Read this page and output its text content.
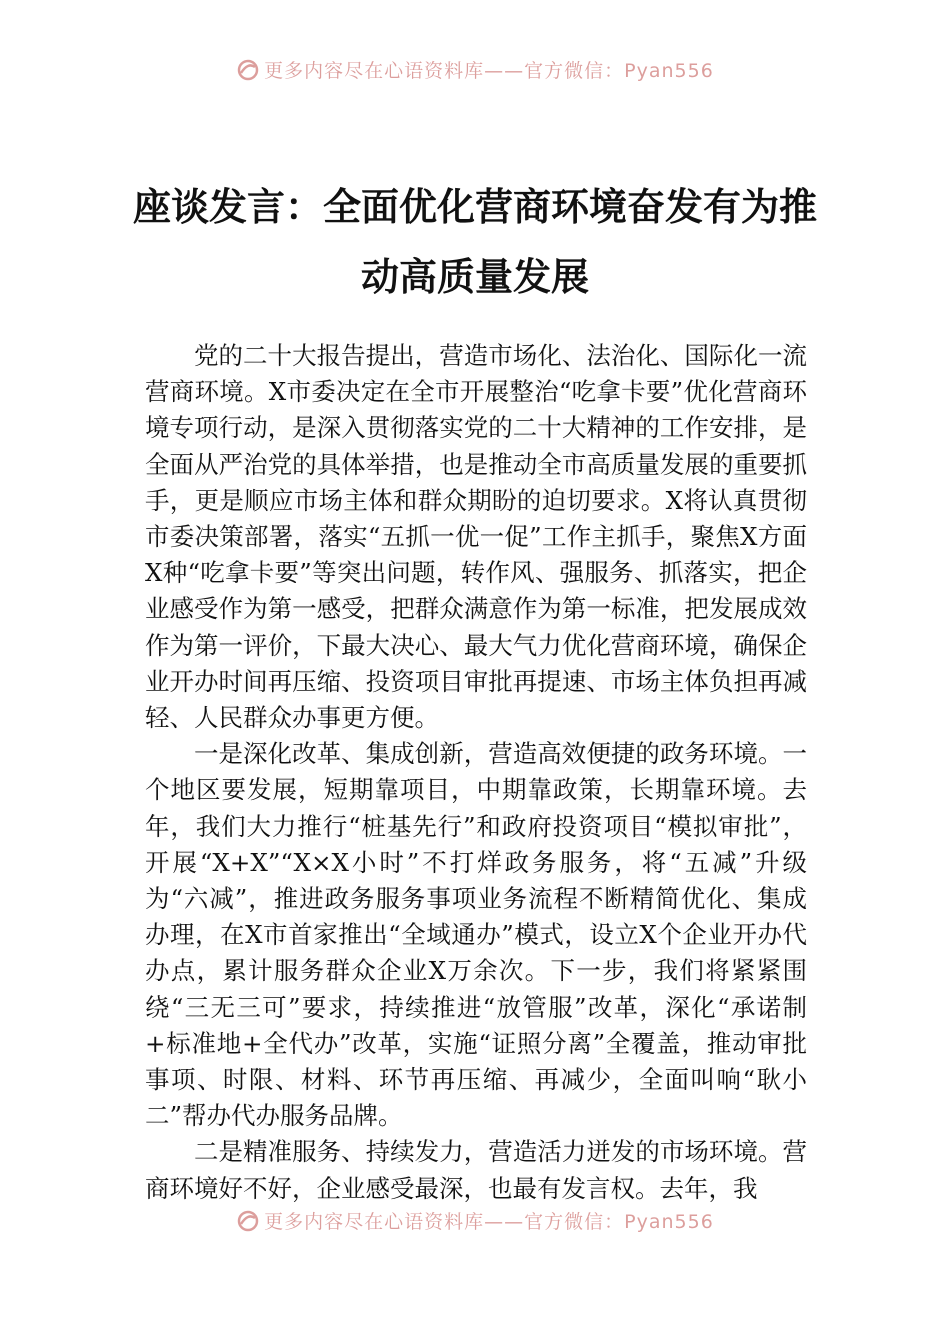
更多内容尽在心语资料库——官方微信：Pyan556
座谈发言：全面优化营商环境奋发有为推
动高质量发展

党的二十大报告提出，营造市场化、法治化、国际化一流营商环境。X市委决定在全市开展整治“吃拿卡要”优化营商环境专项行动，是深入贯彻落实党的二十大精神的工作安排，是全面从严治党的具体举措，也是推动全市高质量发展的重要抓手，更是顺应市场主体和群众期盼的迫切要求。X将认真贯彻市委决策部署，落实“五抓一优一促”工作主抓手，聚焦X方面X种“吃拿卡要”等突出问题，转作风、强服务、抓落实，把企业感受作为第一感受，把群众满意作为第一标准，把发展成效作为第一评价，下最大决心、最大气力优化营商环境，确保企业开办时间再压缩、投资项目审批再提速、市场主体负担再减轻、人民群众办事更方便。

一是深化改革、集成创新，营造高效便捷的政务环境。一个地区要发展，短期靠项目，中期靠政策，长期靠环境。去年，我们大力推行“桩基先行”和政府投资项目“模拟审批”，开展“X+X”“X×X小时”不打烊政务服务，将“五减”升级为“六减”，推进政务服务事项业务流程不断精简优化、集成办理，在X市首家推出“全域通办”模式，设立X个企业开办代办点，累计服务群众企业X万余次。下一步，我们将紧紧围绕“三无三可”要求，持续推进“放管服”改革，深化“承诺制+标准地+全代办”改革，实施“证照分离”全覆盖，推动审批事项、时限、材料、环节再压缩、再减少，全面叫响“耿小二”帮办代办服务品牌。

二是精准服务、持续发力，营造活力迸发的市场环境。营商环境好不好，企业感受最深，也最有发言权。去年，我

更多内容尽在心语资料库——官方微信：Pyan556
